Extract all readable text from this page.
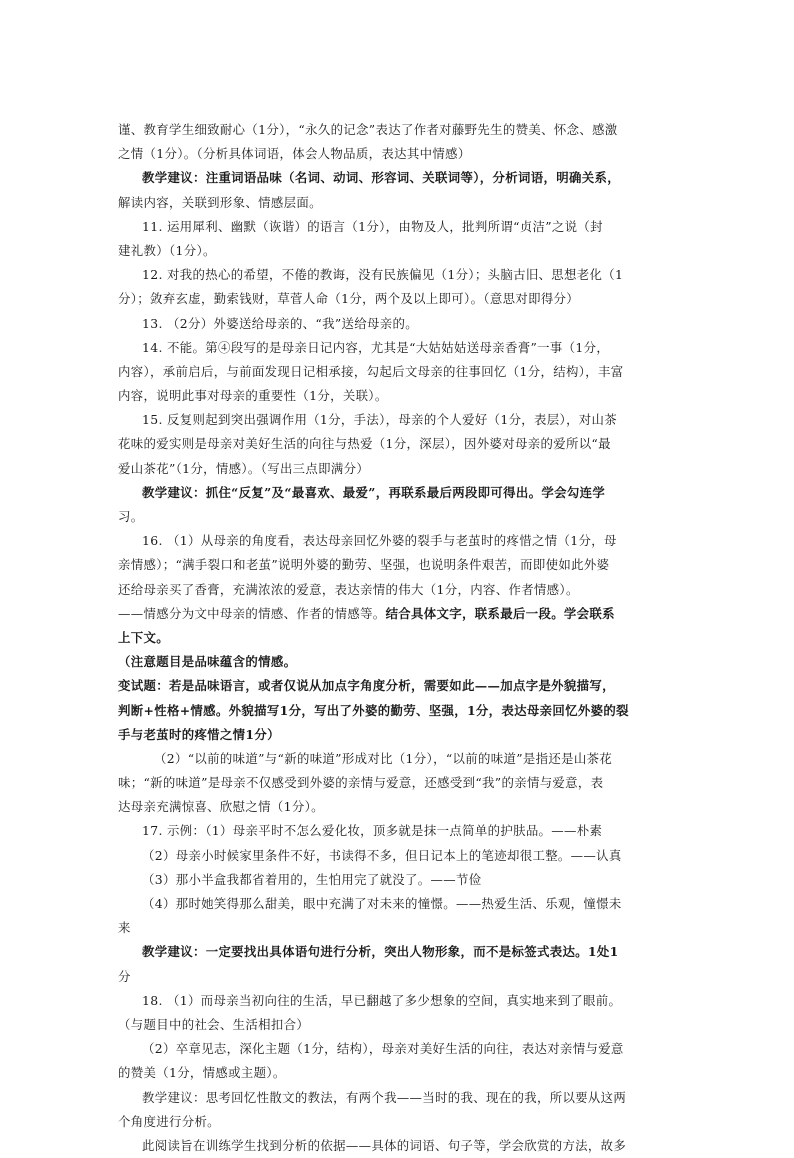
谨、教育学生细致耐心（1分），“永久的记念”表达了作者对藤野先生的赞美、怀念、感激
之情（1分）。（分析具体词语，体会人物品质，表达其中情感）
教学建议：注重词语品味（名词、动词、形容词、关联词等），分析词语，明确关系，
解读内容，关联到形象、情感层面。
11. 运用犀利、幽默（诙谐）的语言（1分），由物及人，批判所谓“贞洁”之说（封
建礼教）（1分）。
12. 对我的热心的希望，不倦的教诲，没有民族偏见（1分）；头脑古旧、思想老化（1
分）；敛弃玄虚，勤索钱财，草菅人命（1分，两个及以上即可）。（意思对即得分）
13. （2分）外婆送给母亲的、“我”送给母亲的。
14. 不能。第④段写的是母亲日记内容，尤其是“大姑姑姑送母亲香膏”一事（1分，
内容），承前启后，与前面发现日记相承接，勾起后文母亲的往事回忆（1分，结构），丰富
内容，说明此事对母亲的重要性（1分，关联）。
15. 反复则起到突出强调作用（1分，手法），母亲的个人爱好（1分，表层），对山茶
花味的爱实则是母亲对美好生活的向往与热爱（1分，深层），因外婆对母亲的爱所以“最
爱山茶花”（1分，情感）。（写出三点即满分）
教学建议：抓住“反复”及“最喜欢、最爱”，再联系最后两段即可得出。学会勾连学
习。
16. （1）从母亲的角度看，表达母亲回忆外婆的裂手与老茧时的疼惜之情（1分，母
亲情感）；“满手裂口和老茧”说明外婆的勤劳、坚强，也说明条件艰苦，而即使如此外婆
还给母亲买了香膏，充满浓浓的爱意，表达亲情的伟大（1分，内容、作者情感）。
——情感分为文中母亲的情感、作者的情感等。结合具体文字，联系最后一段。学会联系
上下文。
（注意题目是品味蕴含的情感。
变试题：若是品味语言，或者仅说从加点字角度分析，需要如此——加点字是外貌描写，
判断+性格+情感。外貌描写1分，写出了外婆的勤劳、坚强，1分，表达母亲回忆外婆的裂
手与老茧时的疼惜之情1分）
（2）“以前的味道”与“新的味道”形成对比（1分），“以前的味道”是指还是山茶花
味；“新的味道”是母亲不仅感受到外婆的亲情与爱意，还感受到“我”的亲情与爱意，表
达母亲充满惊喜、欣慰之情（1分）。
17. 示例：（1）母亲平时不怎么爱化妆，顶多就是抹一点简单的护肤品。——朴素
（2）母亲小时候家里条件不好，书读得不多，但日记本上的笔迹却很工整。——认真
（3）那小半盒我都省着用的，生怕用完了就没了。——节俭
（4）那时她笑得那么甜美，眼中充满了对未来的憧憬。——热爱生活、乐观，憧憬未
来
教学建议：一定要找出具体语句进行分析，突出人物形象，而不是标签式表达。1处1
分
18. （1）而母亲当初向往的生活，早已翻越了多少想象的空间，真实地来到了眼前。
（与题目中的社会、生活相扣合）
（2）卒章见志，深化主题（1分，结构），母亲对美好生活的向往，表达对亲情与爱意
的赞美（1分，情感或主题）。
教学建议：思考回忆性散文的教法，有两个我——当时的我、现在的我，所以要从这两
个角度进行分析。
此阅读旨在训练学生找到分析的依据——具体的词语、句子等，学会欣赏的方法，故多
